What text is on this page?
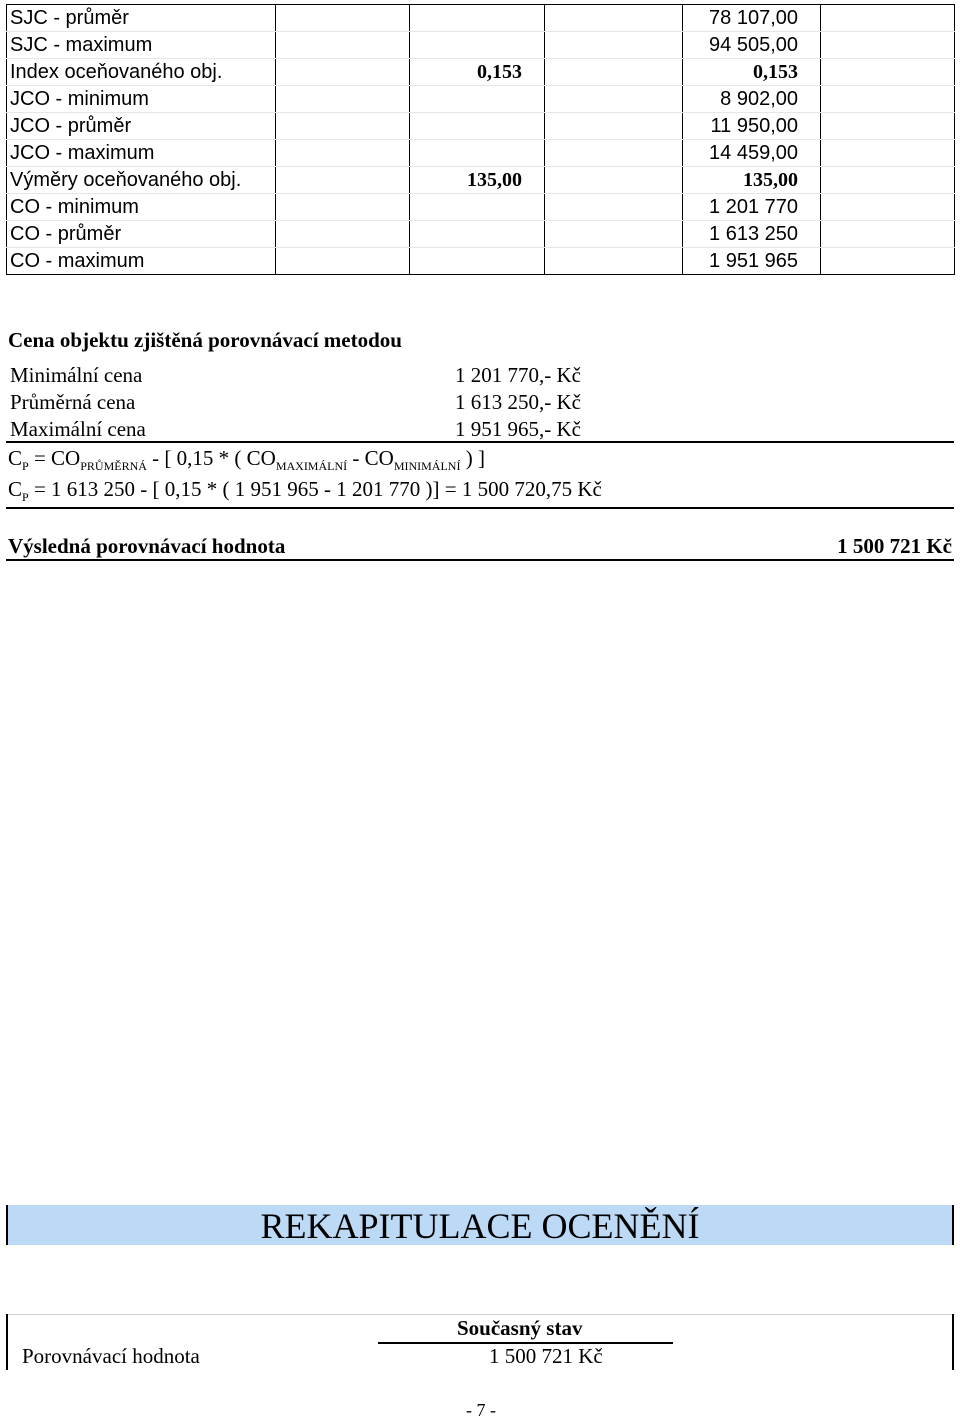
SJC - průměr				78 107,00	
SJC - maximum				94 505,00	
Index oceňovaného obj.		0,153		0,153	
JCO - minimum				8 902,00	
JCO - průměr				11 950,00	
JCO - maximum				14 459,00	
Výměry oceňovaného obj.		135,00		135,00	
CO - minimum				1 201 770	
CO - průměr				1 613 250	
CO - maximum				1 951 965	
Cena objektu zjištěná porovnávací metodou
Minimální cena	1 201 770,- Kč
Průměrná cena	1 613 250,- Kč
Maximální cena	1 951 965,- Kč
$C_P = CO_{PRŮMĚRNÁ}$ - [ 0,15 * ( $CO_{MAXIMÁLNÍ} - CO_{MINIMÁLNÍ}$ ) ]
$C_P = 1$ 613 250 - [ 0,15 * ( 1 951 965 - 1 201 770 )] = 1 500 720,75 Kč
Výsledná porovnávací hodnota	1 500 721 Kč
REKAPITULACE OCENĚNÍ
Současný stav
Porovnávací hodnota	1 500 721 Kč
- 7 -
